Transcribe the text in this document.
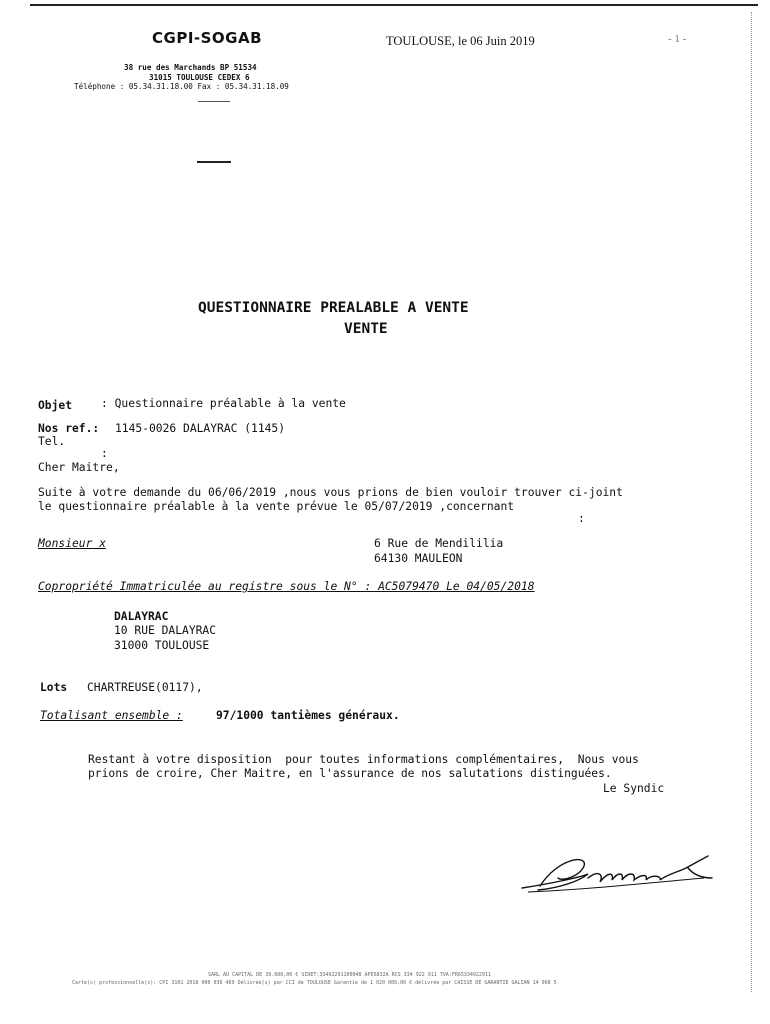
CGPI-SOGAB	TOULOUSE, le 06 Juin 2019	- 1 -
38 rue des Marchands BP 51534
31015 TOULOUSE CEDEX 6
Téléphone : 05.34.31.18.00 Fax : 05.34.31.18.09
QUESTIONNAIRE PREALABLE A VENTE
VENTE
Objet	: Questionnaire préalable à la vente
Nos ref.: 1145-0026 DALAYRAC (1145)
Tel.
:
Cher Maitre,
Suite à votre demande du 06/06/2019 ,nous vous prions de bien vouloir trouver ci-joint
le questionnaire préalable à la vente prévue le 05/07/2019 ,concernant
:
Monsieur x	6 Rue de Mendililia
64130 MAULEON
Copropriété Immatriculée au registre sous le N° : AC5079470 Le 04/05/2018
DALAYRAC
10 RUE DALAYRAC
31000 TOULOUSE
Lots CHARTREUSE(0117),
Totalisant ensemble :	97/1000 tantièmes généraux.
Restant à votre disposition  pour toutes informations complémentaires,  Nous vous
prions de croire, Cher Maitre, en l'assurance de nos salutations distinguées.
Le Syndic
SARL AU CAPITAL DE 39.000,00 € SIRET:33492291100048 APE6832A RCS 334 922 911 TVA:FR65334922911
Carte(s) professionnelle(s): CPI 3101 2018 000 036 469 Délivrée(s) par CCI de TOULOUSE Garantie de 1 020 000,00 € délivrée par CAISSE DE GARANTIE GALIAN 14 968 5
